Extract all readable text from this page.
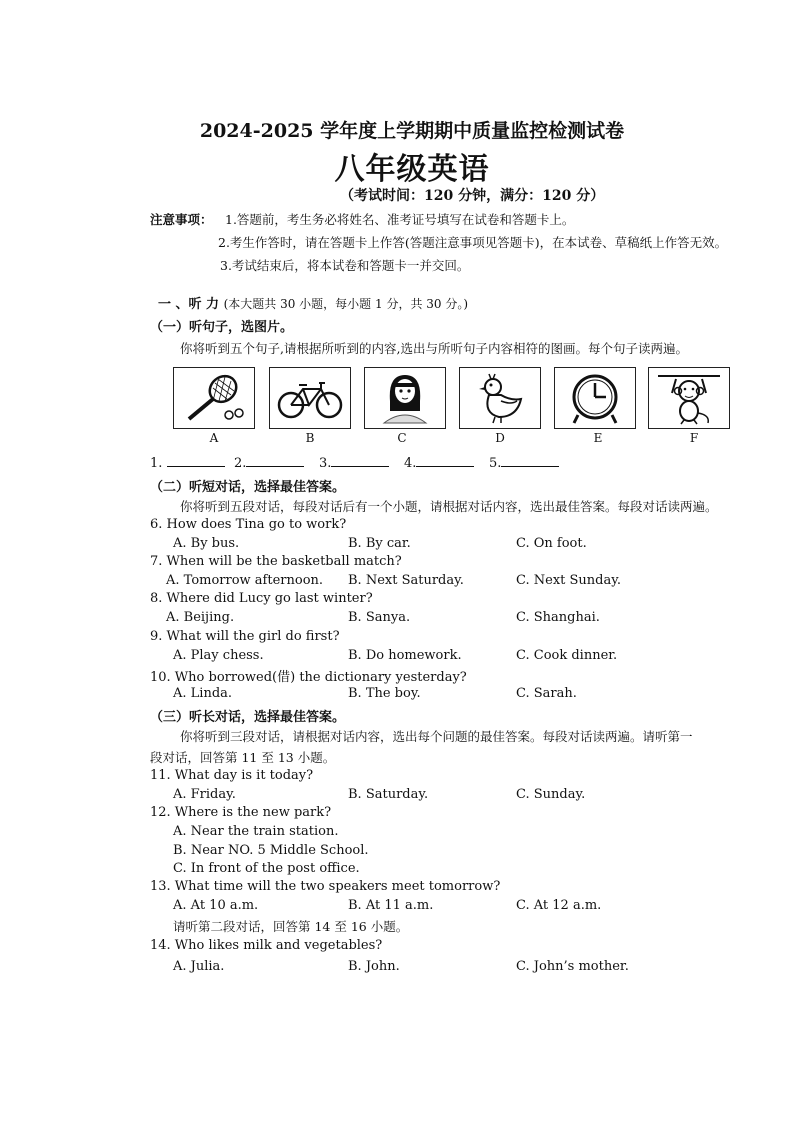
2024-2025 学年度上学期期中质量监控检测试卷
八年级英语
（考试时间：120 分钟，满分：120 分）
注意事项： 1.答题前，考生务必将姓名、准考证号填写在试卷和答题卡上。
2.考生作答时，请在答题卡上作答(答题注意事项见答题卡)，在本试卷、草稿纸上作答无效。
3.考试结束后，将本试卷和答题卡一并交回。
一 、听 力 (本大题共 30 小题，每小题 1 分，共 30 分。)
（一）听句子，选图片。
你将听到五个句子,请根据所听到的内容,选出与所听句子内容相符的图画。每个句子读两遍。
A	B	C	D	E	F
1.	2.	3.	4.	5.
（二）听短对话，选择最佳答案。
你将听到五段对话，每段对话后有一个小题，请根据对话内容，选出最佳答案。每段对话读两遍。
6. How does Tina go to work?
A. By bus.	B. By car.	C. On foot.
7. When will be the basketball match?
A. Tomorrow afternoon. B. Next Saturday.	C. Next Sunday.
8. Where did Lucy go last winter?
A. Beijing.	B. Sanya.	C. Shanghai.
9. What will the girl do first?
A. Play chess.	B. Do homework.	C. Cook dinner.
10. Who borrowed(借) the dictionary yesterday?
A. Linda.	B. The boy.	C. Sarah.
（三）听长对话，选择最佳答案。
你将听到三段对话，请根据对话内容，选出每个问题的最佳答案。每段对话读两遍。请听第一
段对话，回答第 11 至 13 小题。
11. What day is it today?
A. Friday.	B. Saturday.	C. Sunday.
12. Where is the new park?
A. Near the train station.
B. Near NO. 5 Middle School.
C. In front of the post office.
13. What time will the two speakers meet tomorrow?
A. At 10 a.m.	B. At 11 a.m.	C. At 12 a.m.
请听第二段对话，回答第 14 至 16 小题。
14. Who likes milk and vegetables?
A. Julia.	B. John.	C. John’s mother.
